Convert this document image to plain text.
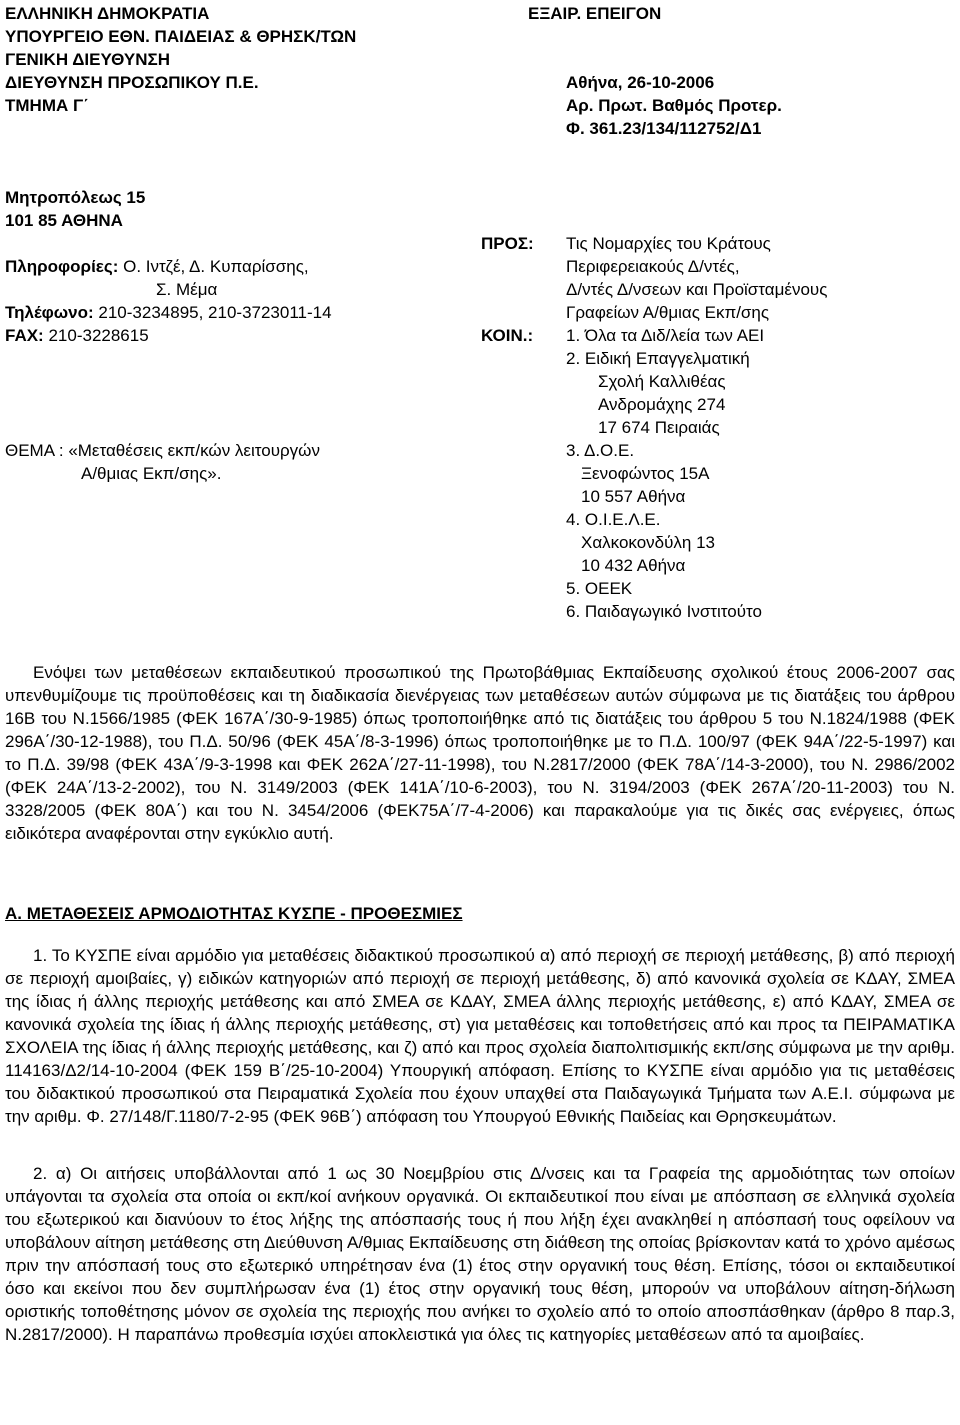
ΕΛΛΗΝΙΚΗ ΔΗΜΟΚΡΑΤΙΑ
ΥΠΟΥΡΓΕΙΟ ΕΘΝ. ΠΑΙΔΕΙΑΣ & ΘΡΗΣΚ/ΤΩΝ
ΓΕΝΙΚΗ ΔΙΕΥΘΥΝΣΗ
ΔΙΕΥΘΥΝΣΗ ΠΡΟΣΩΠΙΚΟΥ Π.Ε.
ΤΜΗΜΑ Γ΄
ΕΞΑΙΡ. ΕΠΕΙΓΟΝ
Αθήνα, 26-10-2006
Αρ. Πρωτ. Βαθμός Προτερ.
Φ. 361.23/134/112752/Δ1
Μητροπόλεως 15
101 85 ΑΘΗΝΑ
Πληροφορίες: Ο. Ιντζέ, Δ. Κυπαρίσσης,
Σ. Μέμα
Τηλέφωνο: 210-3234895, 210-3723011-14
FAX: 210-3228615
ΠΡΟΣ: Τις Νομαρχίες του Κράτους
Περιφερειακούς Δ/ντές,
Δ/ντές Δ/νσεων και Προϊσταμένους
Γραφείων Α/θμιας Εκπ/σης
ΚΟΙΝ.: 1. Όλα τα Διδ/λεία των ΑΕΙ
2. Ειδική Επαγγελματική
Σχολή Καλλιθέας
Ανδρομάχης 274
17 674 Πειραιάς
3. Δ.Ο.Ε.
Ξενοφώντος 15Α
10 557 Αθήνα
4. Ο.Ι.Ε.Λ.Ε.
Χαλκοκονδύλη 13
10 432 Αθήνα
5. ΟΕΕΚ
6. Παιδαγωγικό Ινστιτούτο
ΘΕΜΑ : «Μεταθέσεις εκπ/κών λειτουργών
Α/θμιας Εκπ/σης».

Ενόψει των μεταθέσεων εκπαιδευτικού προσωπικού της Πρωτοβάθμιας Εκπαίδευσης σχολικού έτους 2006-2007 σας υπενθυμίζουμε τις προϋποθέσεις και τη διαδικασία διενέργειας των μεταθέσεων αυτών σύμφωνα με τις διατάξεις του άρθρου 16Β του Ν.1566/1985 (ΦΕΚ 167Α΄/30-9-1985) όπως τροποποιήθηκε από τις διατάξεις του άρθρου 5 του Ν.1824/1988 (ΦΕΚ 296Α΄/30-12-1988), του Π.Δ. 50/96 (ΦΕΚ 45Α΄/8-3-1996) όπως τροποποιήθηκε με το Π.Δ. 100/97 (ΦΕΚ 94Α΄/22-5-1997) και το Π.Δ. 39/98 (ΦΕΚ 43Α΄/9-3-1998 και ΦΕΚ 262Α΄/27-11-1998), του Ν.2817/2000 (ΦΕΚ 78Α΄/14-3-2000), του Ν. 2986/2002 (ΦΕΚ 24Α΄/13-2-2002), του Ν. 3149/2003 (ΦΕΚ 141Α΄/10-6-2003), του Ν. 3194/2003 (ΦΕΚ 267Α΄/20-11-2003) του Ν. 3328/2005 (ΦΕΚ 80Α΄) και του Ν. 3454/2006 (ΦΕΚ75Α΄/7-4-2006) και παρακαλούμε για τις δικές σας ενέργειες, όπως ειδικότερα αναφέρονται στην εγκύκλιο αυτή.

Α. ΜΕΤΑΘΕΣΕΙΣ ΑΡΜΟΔΙΟΤΗΤΑΣ ΚΥΣΠΕ - ΠΡΟΘΕΣΜΙΕΣ

1. Το ΚΥΣΠΕ είναι αρμόδιο για μεταθέσεις διδακτικού προσωπικού α) από περιοχή σε περιοχή μετάθεσης, β) από περιοχή σε περιοχή αμοιβαίες, γ) ειδικών κατηγοριών από περιοχή σε περιοχή μετάθεσης, δ) από κανονικά σχολεία σε ΚΔΑΥ, ΣΜΕΑ της ίδιας ή άλλης περιοχής μετάθεσης και από ΣΜΕΑ σε ΚΔΑΥ, ΣΜΕΑ άλλης περιοχής μετάθεσης, ε) από ΚΔΑΥ, ΣΜΕΑ σε κανονικά σχολεία της ίδιας ή άλλης περιοχής μετάθεσης, στ) για μεταθέσεις και τοποθετήσεις από και προς τα ΠΕΙΡΑΜΑΤΙΚΑ ΣΧΟΛΕΙΑ της ίδιας ή άλλης περιοχής μετάθεσης, και ζ) από και προς σχολεία διαπολιτισμικής εκπ/σης σύμφωνα με την αριθμ. 114163/Δ2/14-10-2004 (ΦΕΚ 159 Β΄/25-10-2004) Υπουργική απόφαση. Επίσης το ΚΥΣΠΕ είναι αρμόδιο για τις μεταθέσεις του διδακτικού προσωπικού στα Πειραματικά Σχολεία που έχουν υπαχθεί στα Παιδαγωγικά Τμήματα των Α.Ε.Ι. σύμφωνα με την αριθμ. Φ. 27/148/Γ.1180/7-2-95 (ΦΕΚ 96Β΄) απόφαση του Υπουργού Εθνικής Παιδείας και Θρησκευμάτων.

2. α) Οι αιτήσεις υποβάλλονται από 1 ως 30 Νοεμβρίου στις Δ/νσεις και τα Γραφεία της αρμοδιότητας των οποίων υπάγονται τα σχολεία στα οποία οι εκπ/κοί ανήκουν οργανικά. Οι εκπαιδευτικοί που είναι με απόσπαση σε ελληνικά σχολεία του εξωτερικού και διανύουν το έτος λήξης της απόσπασής τους ή που λήξη έχει ανακληθεί η απόσπασή τους οφείλουν να υποβάλουν αίτηση μετάθεσης στη Διεύθυνση Α/θμιας Εκπαίδευσης στη διάθεση της οποίας βρίσκονταν κατά το χρόνο αμέσως πριν την απόσπασή τους στο εξωτερικό υπηρέτησαν ένα (1) έτος στην οργανική τους θέση. Επίσης, τόσοι οι εκπαιδευτικοί όσο και εκείνοι που δεν συμπλήρωσαν ένα (1) έτος στην οργανική τους θέση, μπορούν να υποβάλουν αίτηση-δήλωση οριστικής τοποθέτησης μόνον σε σχολεία της περιοχής που ανήκει το σχολείο από το οποίο αποσπάσθηκαν (άρθρο 8 παρ.3, Ν.2817/2000). Η παραπάνω προθεσμία ισχύει αποκλειστικά για όλες τις κατηγορίες μεταθέσεων από τα αμοιβαίες.
